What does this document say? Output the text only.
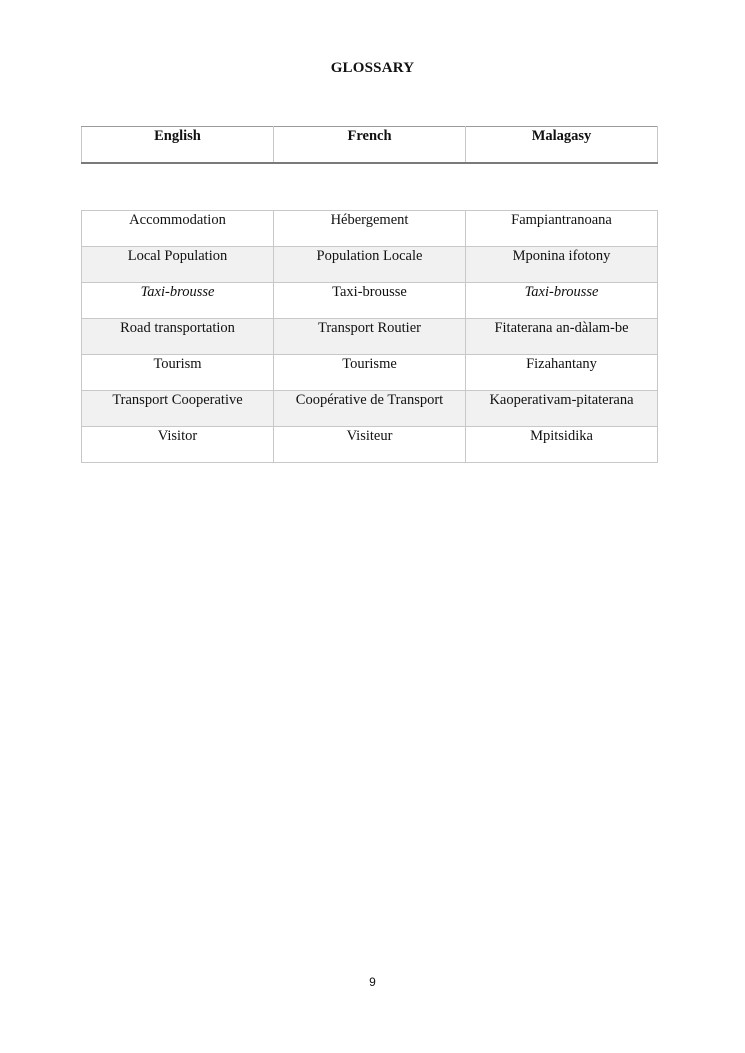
GLOSSARY
English	French	Malagasy
Accommodation	Hébergement	Fampiantranoana
Local Population	Population Locale	Mponina ifotony
Taxi-brousse	Taxi-brousse	Taxi-brousse
Road transportation	Transport Routier	Fitaterana an-dàlam-be
Tourism	Tourisme	Fizahantany
Transport Cooperative	Coopérative de Transport	Kaoperativam-pitaterana
Visitor	Visiteur	Mpitsidika
9
